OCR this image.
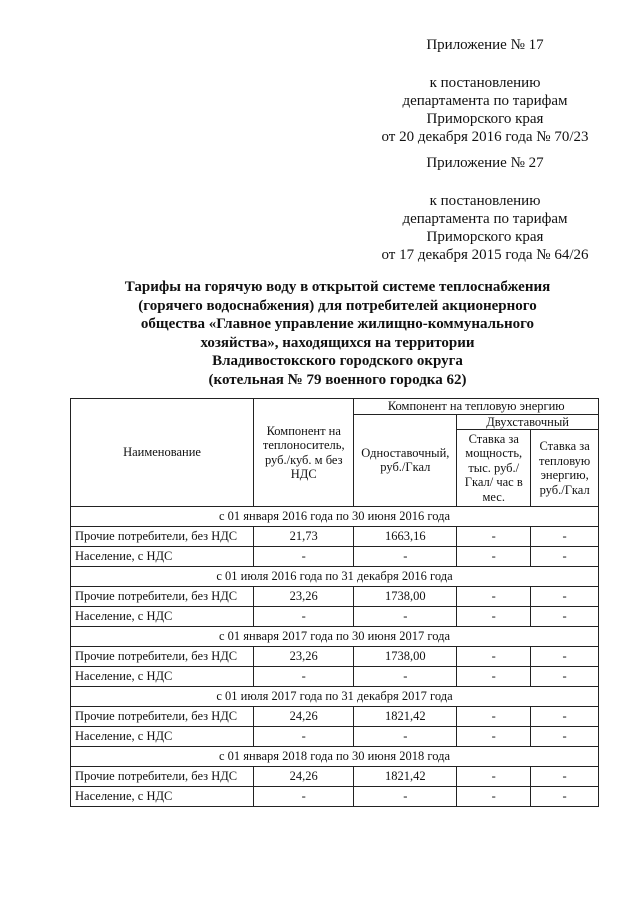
Приложение № 17
к постановлению
департамента по тарифам
Приморского края
от 20 декабря 2016 года № 70/23
Приложение № 27
к постановлению
департамента по тарифам
Приморского края
от 17 декабря 2015 года № 64/26
Тарифы на горячую воду в открытой системе теплоснабжения
(горячего водоснабжения) для потребителей акционерного
общества «Главное управление жилищно-коммунального
хозяйства», находящихся на территории
Владивостокского городского округа
(котельная № 79 военного городка 62)
Наименование	Компонент на теплоноситель, руб./куб. м без НДС	Компонент на тепловую энергию		
		Одноставочный, руб./Гкал	Двухставочный	
			Ставка за мощность, тыс. руб./Гкал/ час в мес.	Ставка за тепловую энергию, руб./Гкал
с 01 января 2016 года по 30 июня 2016 года				
Прочие потребители, без НДС	21,73	1663,16	-	-
Население, с НДС	-	-	-	-
с 01 июля 2016 года по 31 декабря 2016 года				
Прочие потребители, без НДС	23,26	1738,00	-	-
Население, с НДС	-	-	-	-
с 01 января 2017 года по 30 июня 2017 года				
Прочие потребители, без НДС	23,26	1738,00	-	-
Население, с НДС	-	-	-	-
с 01 июля 2017 года по 31 декабря 2017 года				
Прочие потребители, без НДС	24,26	1821,42	-	-
Население, с НДС	-	-	-	-
с 01 января 2018 года по 30 июня 2018 года				
Прочие потребители, без НДС	24,26	1821,42	-	-
Население, с НДС	-	-	-	-
